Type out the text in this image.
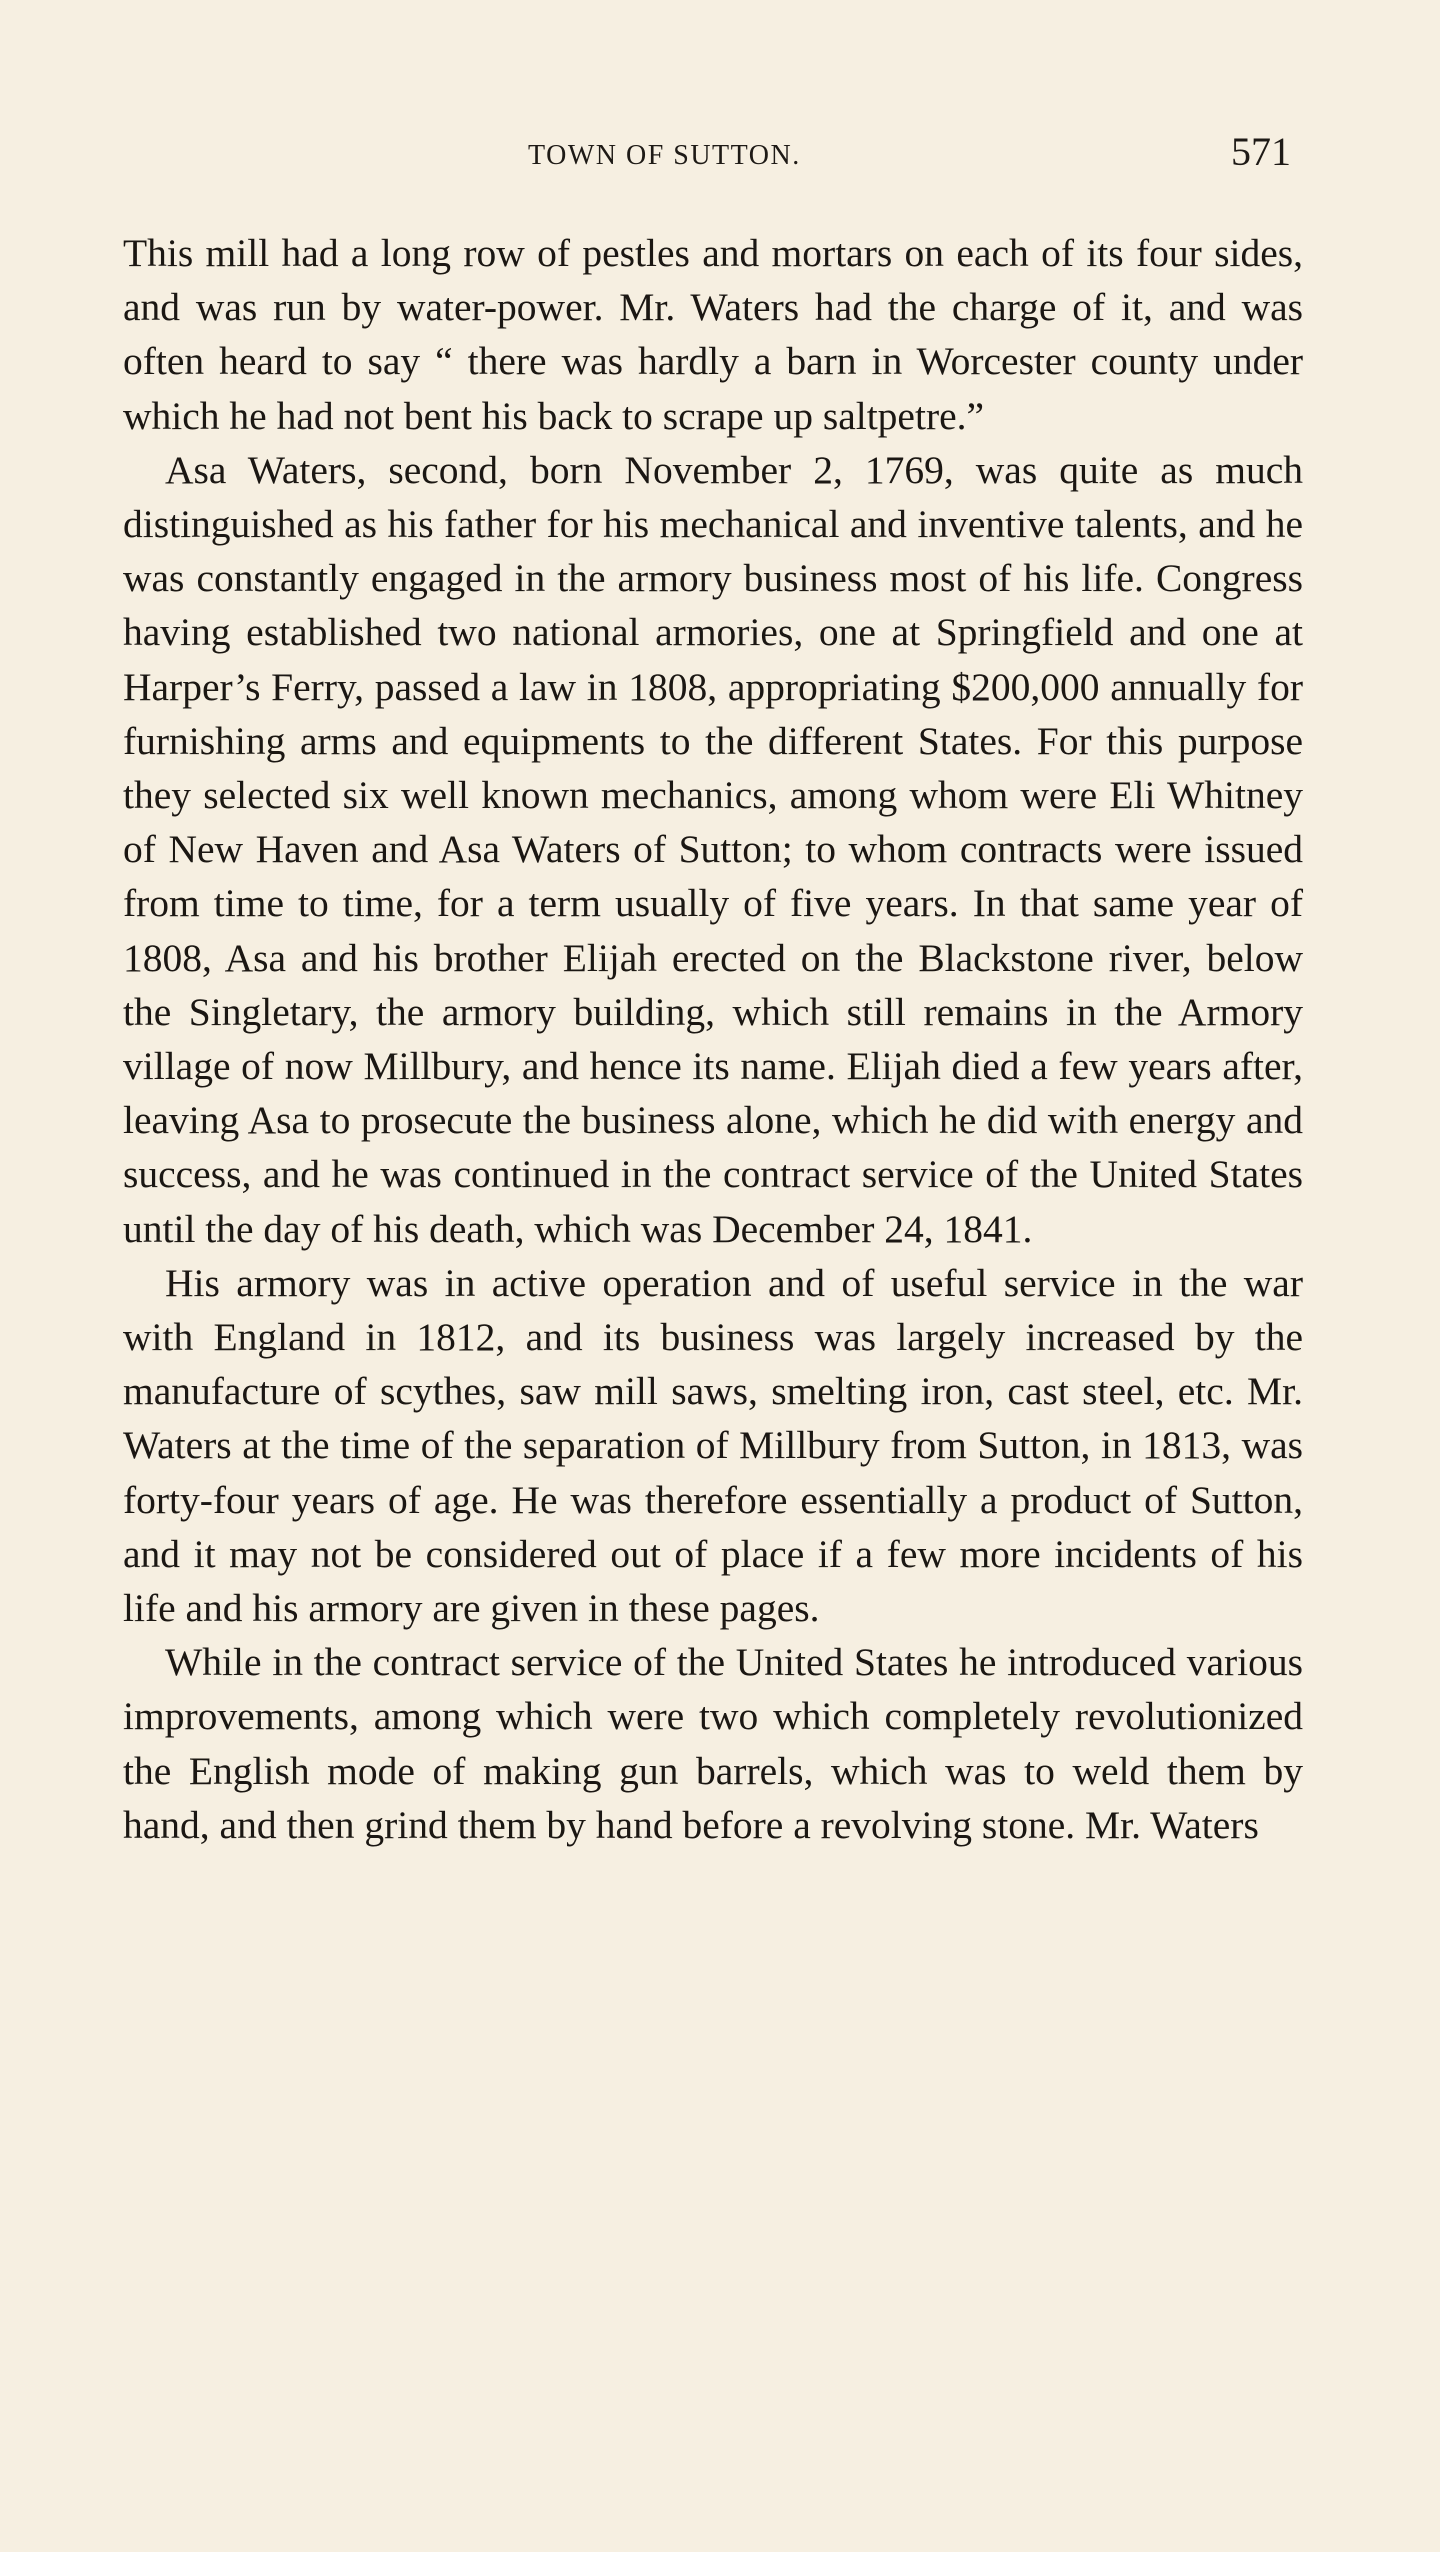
TOWN OF SUTTON.	571

This mill had a long row of pestles and mortars on each of its four sides, and was run by water-power. Mr. Waters had the charge of it, and was often heard to say “ there was hardly a barn in Worcester county under which he had not bent his back to scrape up saltpetre.”

Asa Waters, second, born November 2, 1769, was quite as much distinguished as his father for his mechanical and inventive talents, and he was constantly engaged in the armory business most of his life. Congress having established two national armories, one at Springfield and one at Harper’s Ferry, passed a law in 1808, appropriating $200,000 annually for furnishing arms and equipments to the different States. For this purpose they selected six well known mechanics, among whom were Eli Whitney of New Haven and Asa Waters of Sutton; to whom contracts were issued from time to time, for a term usually of five years. In that same year of 1808, Asa and his brother Elijah erected on the Blackstone river, below the Singletary, the armory building, which still remains in the Armory village of now Millbury, and hence its name. Elijah died a few years after, leaving Asa to prosecute the business alone, which he did with energy and success, and he was continued in the contract service of the United States until the day of his death, which was December 24, 1841.

His armory was in active operation and of useful service in the war with England in 1812, and its business was largely increased by the manufacture of scythes, saw mill saws, smelting iron, cast steel, etc. Mr. Waters at the time of the separation of Millbury from Sutton, in 1813, was forty-four years of age. He was therefore essentially a product of Sutton, and it may not be considered out of place if a few more incidents of his life and his armory are given in these pages.

While in the contract service of the United States he introduced various improvements, among which were two which completely revolutionized the English mode of making gun barrels, which was to weld them by hand, and then grind them by hand before a revolving stone. Mr. Waters
